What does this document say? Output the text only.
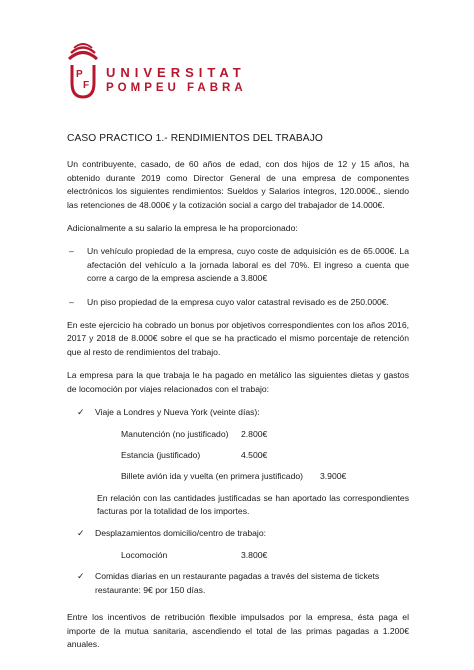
P
F
UNIVERSITAT
POMPEU FABRA
CASO PRACTICO 1.- RENDIMIENTOS DEL TRABAJO

Un contribuyente, casado, de 60 años de edad, con dos hijos de 12 y 15 años, ha obtenido durante 2019 como Director General de una empresa de componentes electrónicos los siguientes rendimientos: Sueldos y Salarios íntegros, 120.000€., siendo las retenciones de 48.000€ y la cotización social a cargo del trabajador de 14.000€.

Adicionalmente a su salario la empresa le ha proporcionado:

– Un vehículo propiedad de la empresa, cuyo coste de adquisición es de 65.000€. La afectación del vehículo a la jornada laboral es del 70%. El ingreso a cuenta que corre a cargo de la empresa asciende a 3.800€
– Un piso propiedad de la empresa cuyo valor catastral revisado es de 250.000€.

En este ejercicio ha cobrado un bonus por objetivos correspondientes con los años 2016, 2017 y 2018 de 8.000€ sobre el que se ha practicado el mismo porcentaje de retención que al resto de rendimientos del trabajo.

La empresa para la que trabaja le ha pagado en metálico las siguientes dietas y gastos de locomoción por viajes relacionados con el trabajo:

✓ Viaje a Londres y Nueva York (veinte días):
Manutención (no justificado) 2.800€
Estancia (justificado)	4.500€
Billete avión ida y vuelta (en primera justificado) 3.900€

En relación con las cantidades justificadas se han aportado las correspondientes facturas por la totalidad de los importes.

✓ Desplazamientos domicilio/centro de trabajo:
Locomoción	3.800€
✓ Comidas diarias en un restaurante pagadas a través del sistema de tickets restaurante: 9€ por 150 días.

Entre los incentivos de retribución flexible impulsados por la empresa, ésta paga el importe de la mutua sanitaria, ascendiendo el total de las primas pagadas a 1.200€ anuales.
